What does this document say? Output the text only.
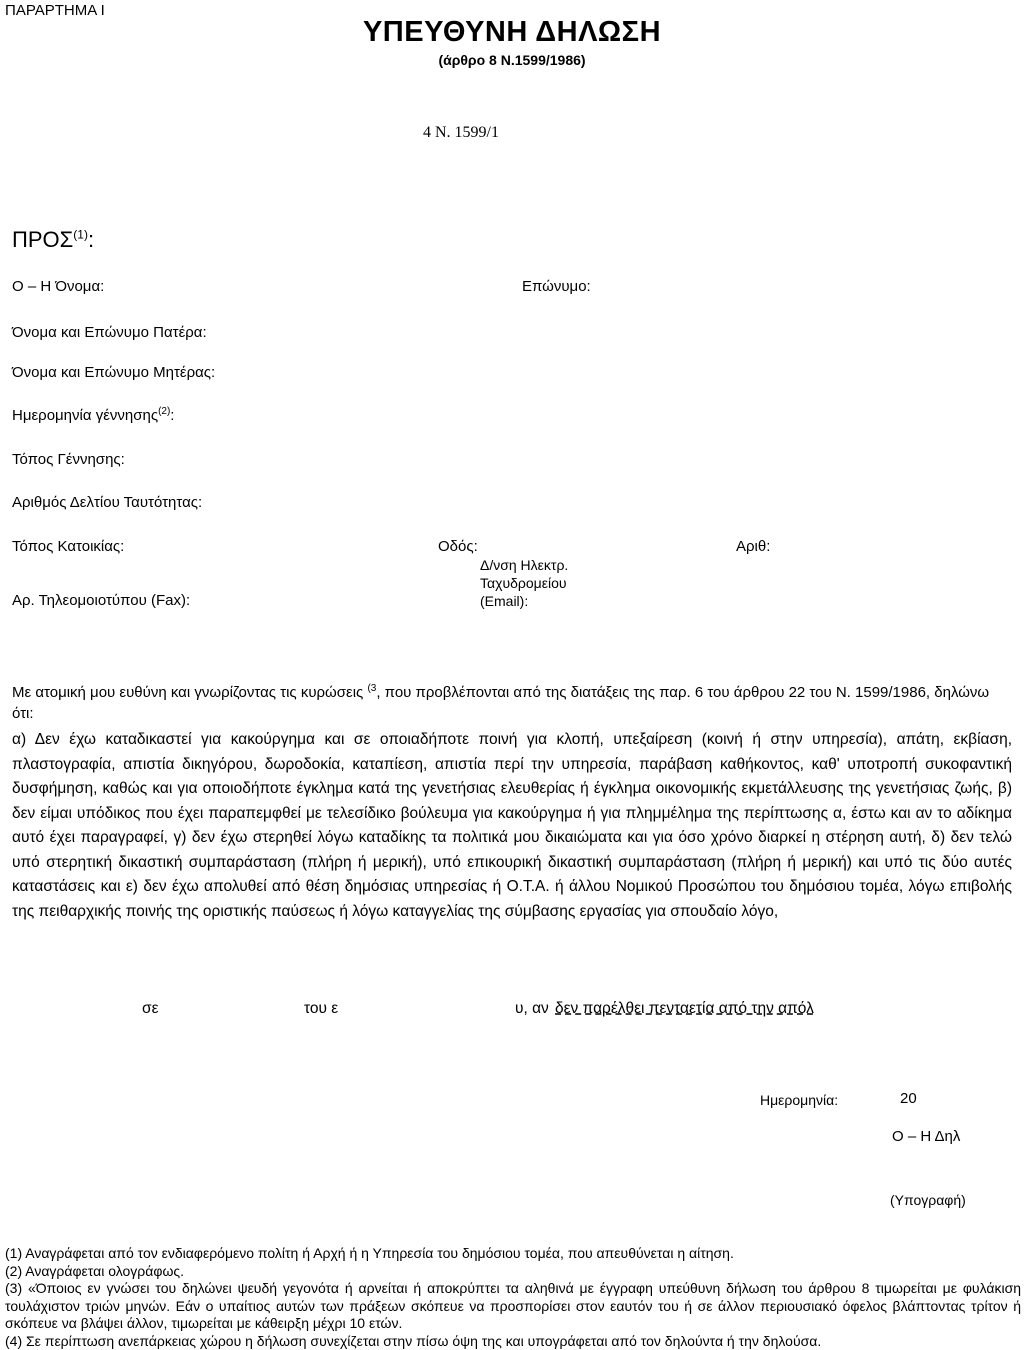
ΠΑΡΑΡΤΗΜΑ Ι
ΥΠΕΥΘΥΝΗ ΔΗΛΩΣΗ
(άρθρο 8 Ν.1599/1986)
4 Ν. 1599/1
ΠΡΟΣ$^{(1)}$:
Ο – Η Όνομα:	Επώνυμο:
Όνομα και Επώνυμο Πατέρα:
Όνομα και Επώνυμο Μητέρας:
Ημερομηνία γέννησης$^{(2)}$:
Τόπος Γέννησης:
Αριθμός Δελτίου Ταυτότητας:
Τόπος Κατοικίας:	Οδός:	Αριθ:
Δ/νση Ηλεκτρ.
Ταχυδρομείου
(Email):
Αρ. Τηλεομοιοτύπου (Fax):
Με ατομική μου ευθύνη και γνωρίζοντας τις κυρώσεις $^{(3}$, που προβλέπονται από της διατάξεις της παρ. 6 του άρθρου 22 του Ν. 1599/1986, δηλώνω ότι:
α) Δεν έχω καταδικαστεί για κακούργημα και σε οποιαδήποτε ποινή για κλοπή, υπεξαίρεση (κοινή ή στην υπηρεσία), απάτη, εκβίαση, πλαστογραφία, απιστία δικηγόρου, δωροδοκία, καταπίεση, απιστία περί την υπηρεσία, παράβαση καθήκοντος, καθ' υποτροπή συκοφαντική δυσφήμηση, καθώς και για οποιοδήποτε έγκλημα κατά της γενετήσιας ελευθερίας ή έγκλημα οικονομικής εκμετάλλευσης της γενετήσιας ζωής, β) δεν είμαι υπόδικος που έχει παραπεμφθεί με τελεσίδικο βούλευμα για κακούργημα ή για πλημμέλημα της περίπτωσης α, έστω και αν το αδίκημα αυτό έχει παραγραφεί, γ) δεν έχω στερηθεί λόγω καταδίκης τα πολιτικά μου δικαιώματα και για όσο χρόνο διαρκεί η στέρηση αυτή, δ) δεν τελώ υπό στερητική δικαστική συμπαράσταση (πλήρη ή μερική), υπό επικουρική δικαστική συμπαράσταση (πλήρη ή μερική) και υπό τις δύο αυτές καταστάσεις και ε) δεν έχω απολυθεί από θέση δημόσιας υπηρεσίας ή Ο.Τ.Α. ή άλλου Νομικού Προσώπου του δημόσιου τομέα, λόγω επιβολής της πειθαρχικής ποινής της οριστικής παύσεως ή λόγω καταγγελίας της σύμβασης εργασίας για σπουδαίο λόγο,
σε	του ε	υ, αν δεν παρέλθει πενταετία από την απόλ
Ημερομηνία:	20
Ο – Η Δηλ
(Υπογραφή)

(1) Αναγράφεται από τον ενδιαφερόμενο πολίτη ή Αρχή ή η Υπηρεσία του δημόσιου τομέα, που απευθύνεται η αίτηση.

(2) Αναγράφεται ολογράφως.

(3) «Όποιος εν γνώσει του δηλώνει ψευδή γεγονότα ή αρνείται ή αποκρύπτει τα αληθινά με έγγραφη υπεύθυνη δήλωση του άρθρου 8 τιμωρείται με φυλάκιση τουλάχιστον τριών μηνών. Εάν ο υπαίτιος αυτών των πράξεων σκόπευε να προσπορίσει στον εαυτόν του ή σε άλλον περιουσιακό όφελος βλάπτοντας τρίτον ή σκόπευε να βλάψει άλλον, τιμωρείται με κάθειρξη μέχρι 10 ετών.

(4) Σε περίπτωση ανεπάρκειας χώρου η δήλωση συνεχίζεται στην πίσω όψη της και υπογράφεται από τον δηλούντα ή την δηλούσα.
